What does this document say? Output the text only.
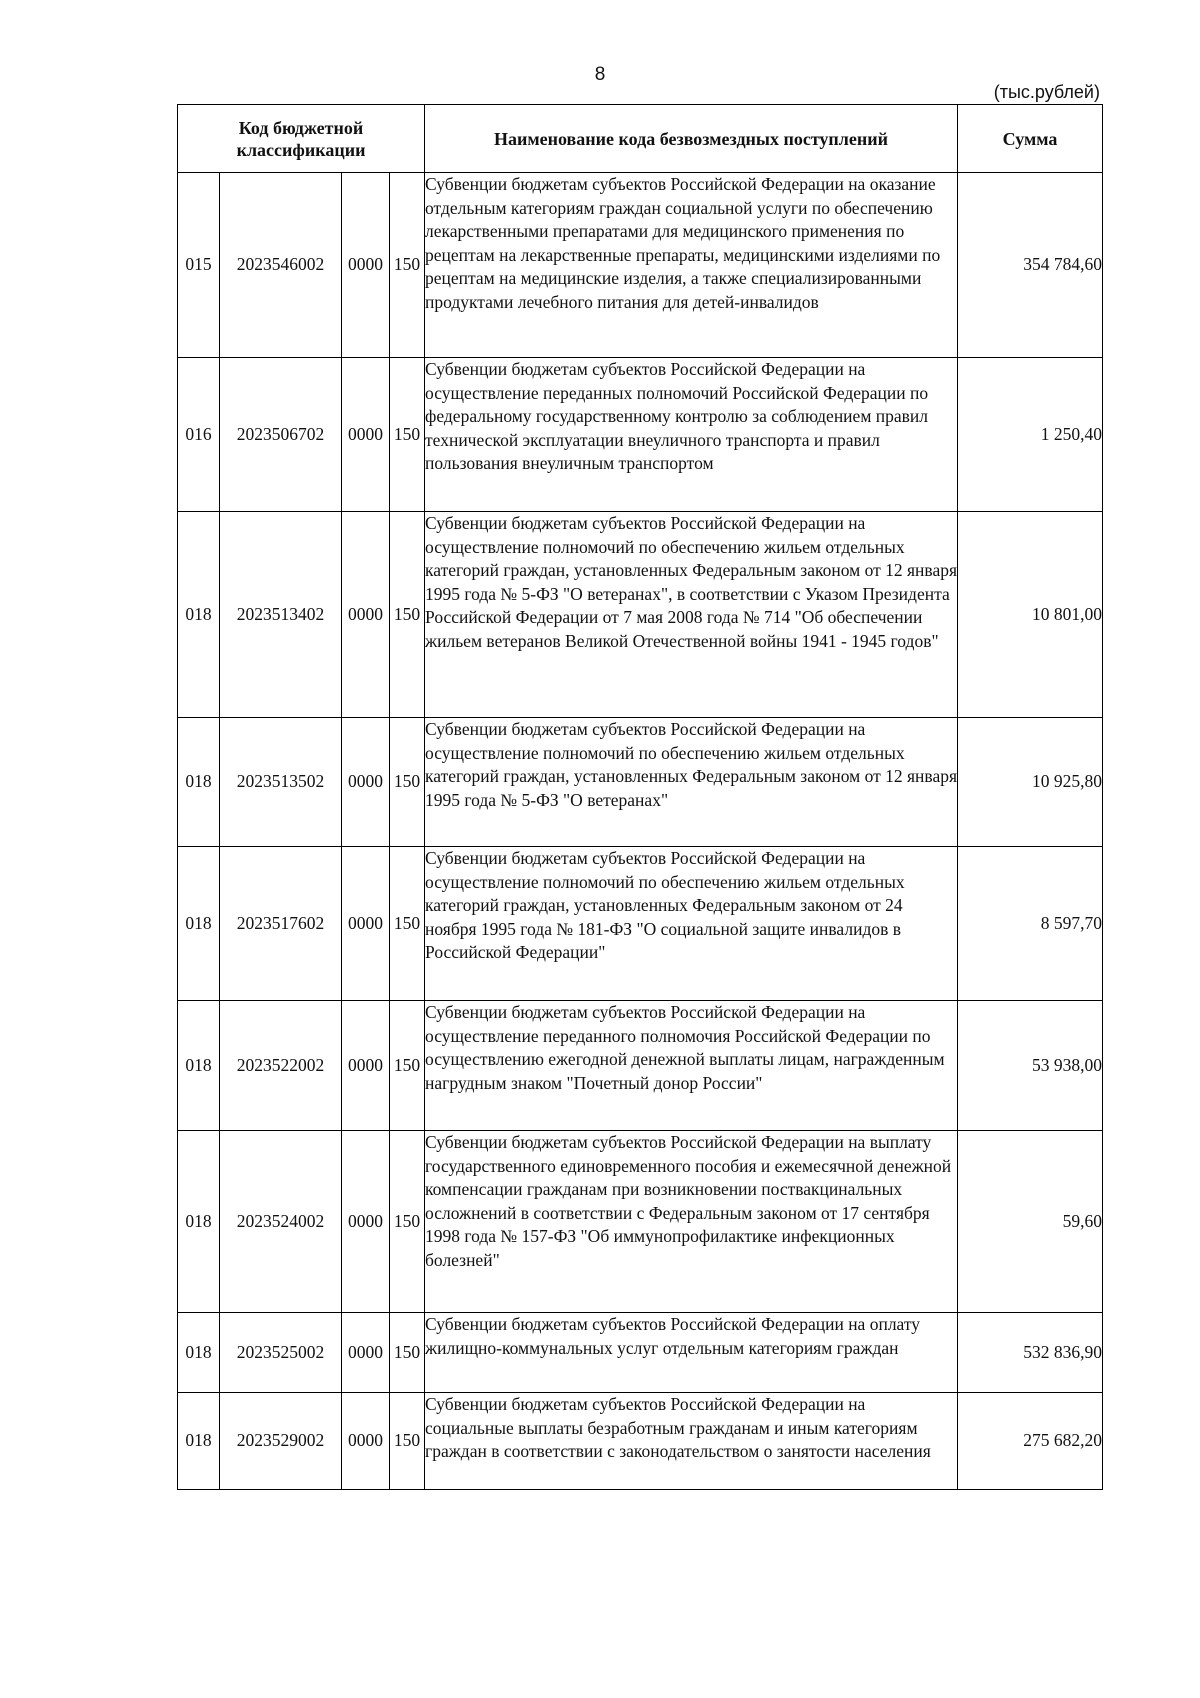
8
(тыс.рублей)
Код бюджетной классификации				Наименование кода безвозмездных поступлений	Сумма
015	2023546002	0000	150	Субвенции бюджетам субъектов Российской Федерации на оказание отдельным категориям граждан социальной услуги по обеспечению лекарственными препаратами для медицинского применения по рецептам на лекарственные препараты, медицинскими изделиями по рецептам на медицинские изделия, а также специализированными продуктами лечебного питания для детей-инвалидов	354 784,60
016	2023506702	0000	150	Субвенции бюджетам субъектов Российской Федерации на осуществление переданных полномочий Российской Федерации по федеральному государственному контролю за соблюдением правил технической эксплуатации внеуличного транспорта и правил пользования внеуличным транспортом	1 250,40
018	2023513402	0000	150	Субвенции бюджетам субъектов Российской Федерации на осуществление полномочий по обеспечению жильем отдельных категорий граждан, установленных Федеральным законом от 12 января 1995 года № 5-ФЗ "О ветеранах", в соответствии с Указом Президента Российской Федерации от 7 мая 2008 года № 714 "Об обеспечении жильем ветеранов Великой Отечественной войны 1941 - 1945 годов"	10 801,00
018	2023513502	0000	150	Субвенции бюджетам субъектов Российской Федерации на осуществление полномочий по обеспечению жильем отдельных категорий граждан, установленных Федеральным законом от 12 января 1995 года № 5-ФЗ "О ветеранах"	10 925,80
018	2023517602	0000	150	Субвенции бюджетам субъектов Российской Федерации на осуществление полномочий по обеспечению жильем отдельных категорий граждан, установленных Федеральным законом от 24 ноября 1995 года № 181-ФЗ "О социальной защите инвалидов в Российской Федерации"	8 597,70
018	2023522002	0000	150	Субвенции бюджетам субъектов Российской Федерации на осуществление переданного полномочия Российской Федерации по осуществлению ежегодной денежной выплаты лицам, награжденным нагрудным знаком "Почетный донор России"	53 938,00
018	2023524002	0000	150	Субвенции бюджетам субъектов Российской Федерации на выплату государственного единовременного пособия и ежемесячной денежной компенсации гражданам при возникновении поствакцинальных осложнений в соответствии с Федеральным законом от 17 сентября 1998 года № 157-ФЗ "Об иммунопрофилактике инфекционных болезней"	59,60
018	2023525002	0000	150	Субвенции бюджетам субъектов Российской Федерации на оплату жилищно-коммунальных услуг отдельным категориям граждан	532 836,90
018	2023529002	0000	150	Субвенции бюджетам субъектов Российской Федерации на социальные выплаты безработным гражданам и иным категориям граждан в соответствии с законодательством о занятости населения	275 682,20
